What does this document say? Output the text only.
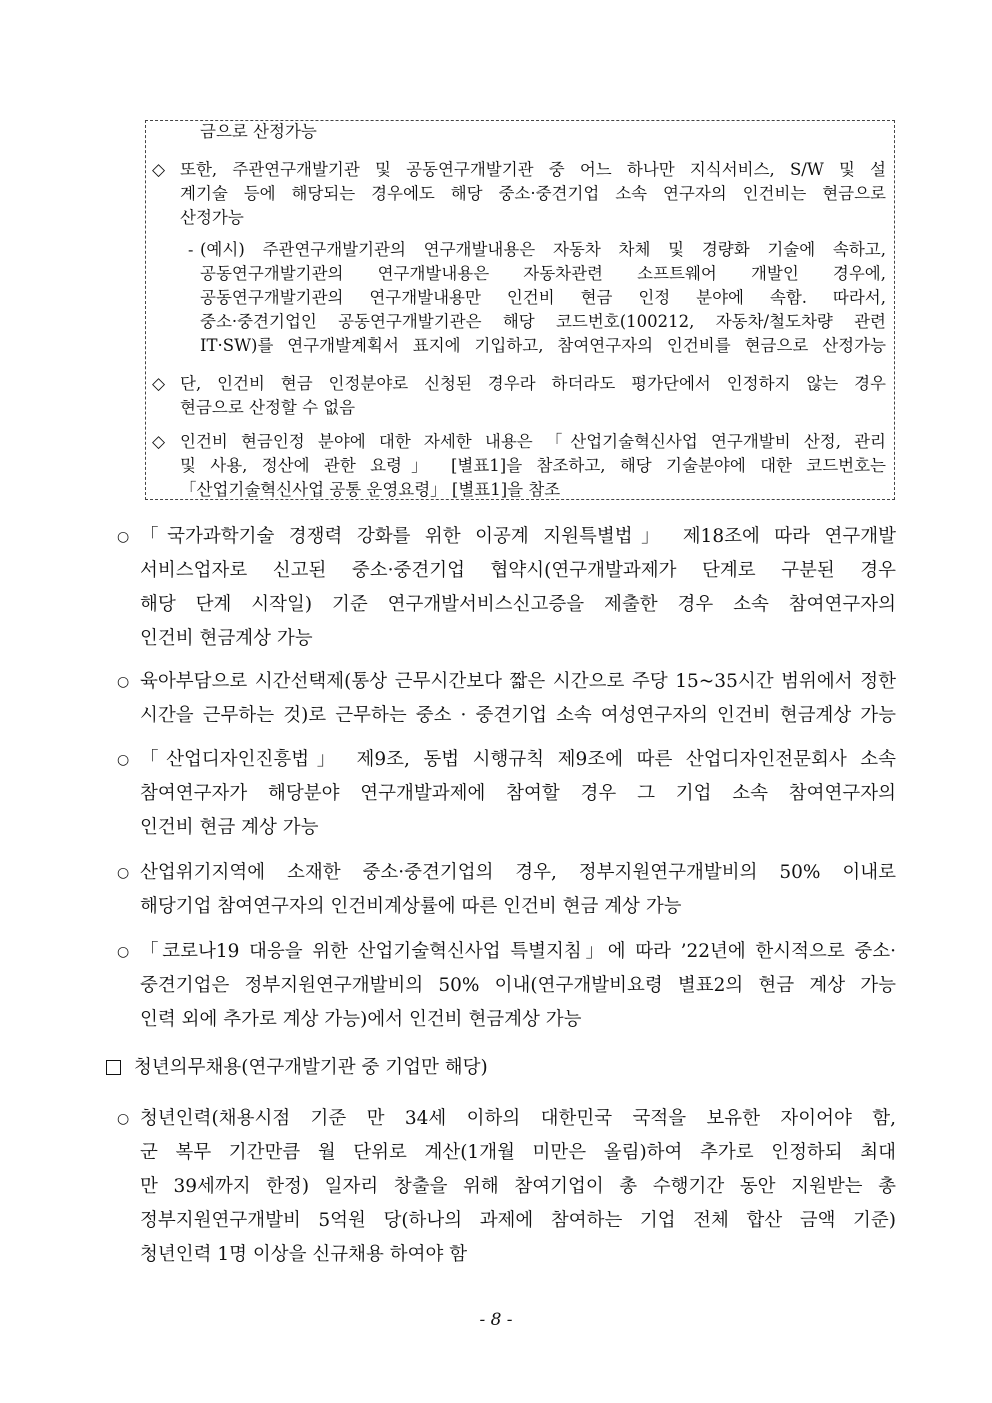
금으로 산정가능
◇ 또한, 주관연구개발기관 및 공동연구개발기관 중 어느 하나만 지식서비스, S/W 및 설
계기술 등에 해당되는 경우에도 해당 중소·중견기업 소속 연구자의 인건비는 현금으로
산정가능
- (예시) 주관연구개발기관의 연구개발내용은 자동차 차체 및 경량화 기술에 속하고,
공동연구개발기관의 연구개발내용은 자동차관련 소프트웨어 개발인 경우에,
공동연구개발기관의 연구개발내용만 인건비 현금 인정 분야에 속함. 따라서,
중소·중견기업인 공동연구개발기관은 해당 코드번호(100212, 자동차/철도차량 관련
IT·SW)를 연구개발계획서 표지에 기입하고, 참여연구자의 인건비를 현금으로 산정가능
◇ 단, 인건비 현금 인정분야로 신청된 경우라 하더라도 평가단에서 인정하지 않는 경우
현금으로 산정할 수 없음
◇ 인건비 현금인정 분야에 대한 자세한 내용은 「산업기술혁신사업 연구개발비 산정, 관리
및 사용, 정산에 관한 요령」 [별표1]을 참조하고, 해당 기술분야에 대한 코드번호는
「산업기술혁신사업 공통 운영요령」 [별표1]을 참조
○ 「국가과학기술 경쟁력 강화를 위한 이공계 지원특별법」 제18조에 따라 연구개발
서비스업자로 신고된 중소·중견기업 협약시(연구개발과제가 단계로 구분된 경우
해당 단계 시작일) 기준 연구개발서비스신고증을 제출한 경우 소속 참여연구자의
인건비 현금계상 가능
○ 육아부담으로 시간선택제(통상 근무시간보다 짧은 시간으로 주당 15~35시간 범위에서 정한
시간을 근무하는 것)로 근무하는 중소 · 중견기업 소속 여성연구자의 인건비 현금계상 가능
○ 「산업디자인진흥법」 제9조, 동법 시행규칙 제9조에 따른 산업디자인전문회사 소속
참여연구자가 해당분야 연구개발과제에 참여할 경우 그 기업 소속 참여연구자의
인건비 현금 계상 가능
○ 산업위기지역에 소재한 중소·중견기업의 경우, 정부지원연구개발비의 50% 이내로
해당기업 참여연구자의 인건비계상률에 따른 인건비 현금 계상 가능
○ 「코로나19 대응을 위한 산업기술혁신사업 특별지침」에 따라 ’22년에 한시적으로 중소·
중견기업은 정부지원연구개발비의 50% 이내(연구개발비요령 별표2의 현금 계상 가능
인력 외에 추가로 계상 가능)에서 인건비 현금계상 가능
청년의무채용(연구개발기관 중 기업만 해당)
○ 청년인력(채용시점 기준 만 34세 이하의 대한민국 국적을 보유한 자이어야 함,
군 복무 기간만큼 월 단위로 계산(1개월 미만은 올림)하여 추가로 인정하되 최대
만 39세까지 한정) 일자리 창출을 위해 참여기업이 총 수행기간 동안 지원받는 총
정부지원연구개발비 5억원 당(하나의 과제에 참여하는 기업 전체 합산 금액 기준)
청년인력 1명 이상을 신규채용 하여야 함
- 8 -
